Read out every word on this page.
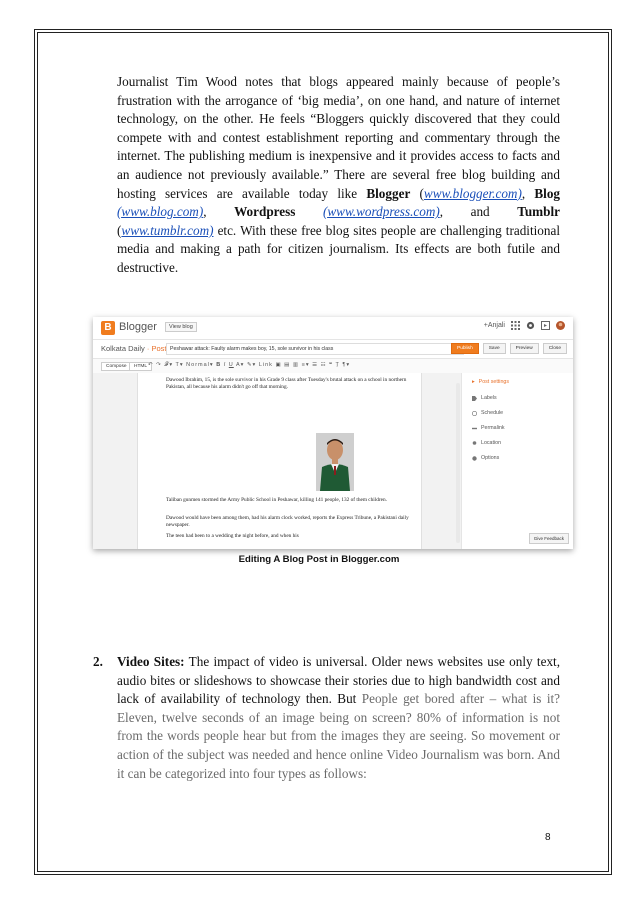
Journalist Tim Wood notes that blogs appeared mainly because of people’s frustration with the arrogance of ‘big media’, on one hand, and nature of internet technology, on the other. He feels “Bloggers quickly discovered that they could compete with and contest establishment reporting and commentary through the internet. The publishing medium is inexpensive and it provides access to facts and an audience not previously available.” There are several free blog building and hosting services are available today like Blogger (www.blogger.com), Blog (www.blog.com), Wordpress (www.wordpress.com), and Tumblr (www.tumblr.com) etc. With these free blog sites people are challenging traditional media and making a path for citizen journalism. Its effects are both futile and destructive.
B Blogger	View blog	+Anjali
Kolkata Daily · Post Peshawar attack: Faulty alarm makes boy, 15, sole survivor in his class	Publish	Save	Preview	Close
Compose	HTML ↶ ↷ 𝓕▾ T▾ Normal▾ B I U A▾ ✎▾ Link ▣ ▤ ▥ ≡▾ ☰ ☷ ❝ Ṯ ¶▾
Dawood Ibrahim, 15, is the sole survivor in his Grade 9 class after Tuesday's brutal attack on a school in northern Pakistan, all because his alarm didn't go off that morning.
Taliban gunmen stormed the Army Public School in Peshawar, killing 141 people, 132 of them children.
Dawood would have been among them, had his alarm clock worked, reports the Express Tribune, a Pakistani daily newspaper.
The teen had been to a wedding the night before, and when his
▸ Post settings
Labels
Schedule
Permalink
Location
Options
Give Feedback
Editing A Blog Post in Blogger.com
2. Video Sites: The impact of video is universal. Older news websites use only text, audio bites or slideshows to showcase their stories due to high bandwidth cost and lack of availability of technology then. But People get bored after – what is it? Eleven, twelve seconds of an image being on screen? 80% of information is not from the words people hear but from the images they are seeing. So movement or action of the subject was needed and hence online Video Journalism was born. And it can be categorized into four types as follows:
8
